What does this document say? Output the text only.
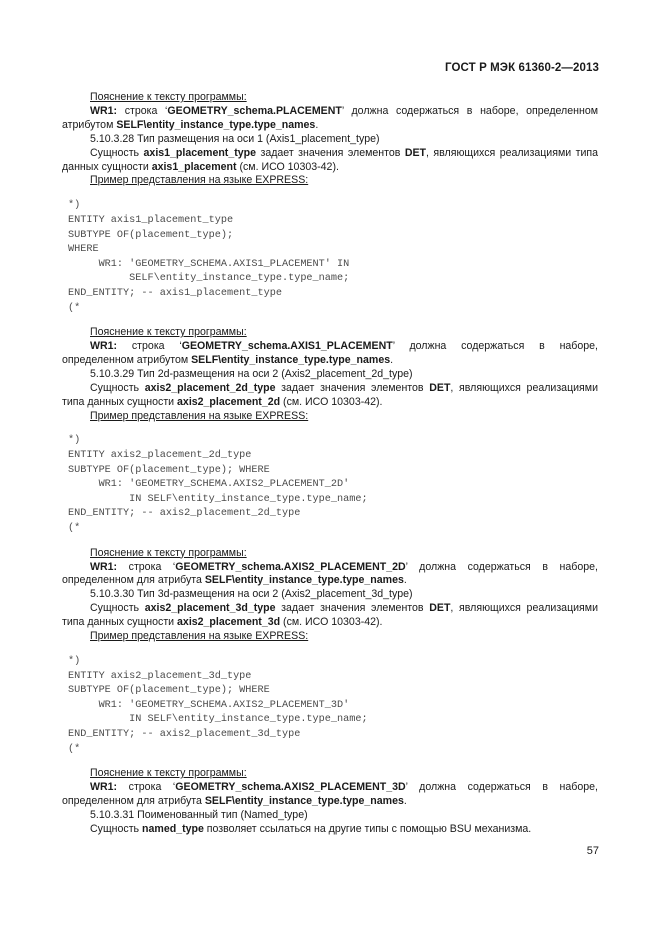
ГОСТ Р МЭК 61360-2—2013

Пояснение к тексту программы:

WR1: строка ‘GEOMETRY_schema.PLACEMENT’ должна содержаться в наборе, определенном атрибутом SELF\entity_instance_type.type_names.

5.10.3.28 Тип размещения на оси 1 (Axis1_placement_type)

Сущность axis1_placement_type задает значения элементов DET, являющихся реализациями типа данных сущности axis1_placement (см. ИСО 10303-42).

Пример представления на языке EXPRESS:

*)
ENTITY axis1_placement_type
SUBTYPE OF(placement_type);
WHERE
WR1: 'GEOMETRY_SCHEMA.AXIS1_PLACEMENT' IN
SELF\entity_instance_type.type_name;
END_ENTITY; -- axis1_placement_type
(*

Пояснение к тексту программы:

WR1: строка ‘GEOMETRY_schema.AXIS1_PLACEMENT’ должна содержаться в наборе, определенном атрибутом SELF\entity_instance_type.type_names.

5.10.3.29 Тип 2d-размещения на оси 2 (Axis2_placement_2d_type)

Сущность axis2_placement_2d_type задает значения элементов DET, являющихся реализациями типа данных сущности axis2_placement_2d (см. ИСО 10303-42).

Пример представления на языке EXPRESS:

*)
ENTITY axis2_placement_2d_type
SUBTYPE OF(placement_type); WHERE
WR1: 'GEOMETRY_SCHEMA.AXIS2_PLACEMENT_2D'
IN SELF\entity_instance_type.type_name;
END_ENTITY; -- axis2_placement_2d_type
(*

Пояснение к тексту программы:

WR1: строка ‘GEOMETRY_schema.AXIS2_PLACEMENT_2D’ должна содержаться в наборе, определенном для атрибута SELF\entity_instance_type.type_names.

5.10.3.30 Тип 3d-размещения на оси 2 (Axis2_placement_3d_type)

Сущность axis2_placement_3d_type задает значения элементов DET, являющихся реализациями типа данных сущности axis2_placement_3d (см. ИСО 10303-42).

Пример представления на языке EXPRESS:

*)
ENTITY axis2_placement_3d_type
SUBTYPE OF(placement_type); WHERE
WR1: 'GEOMETRY_SCHEMA.AXIS2_PLACEMENT_3D'
IN SELF\entity_instance_type.type_name;
END_ENTITY; -- axis2_placement_3d_type
(*

Пояснение к тексту программы:

WR1: строка ‘GEOMETRY_schema.AXIS2_PLACEMENT_3D’ должна содержаться в наборе, определенном для атрибута SELF\entity_instance_type.type_names.

5.10.3.31 Поименованный тип (Named_type)

Сущность named_type позволяет ссылаться на другие типы с помощью BSU механизма.

57
